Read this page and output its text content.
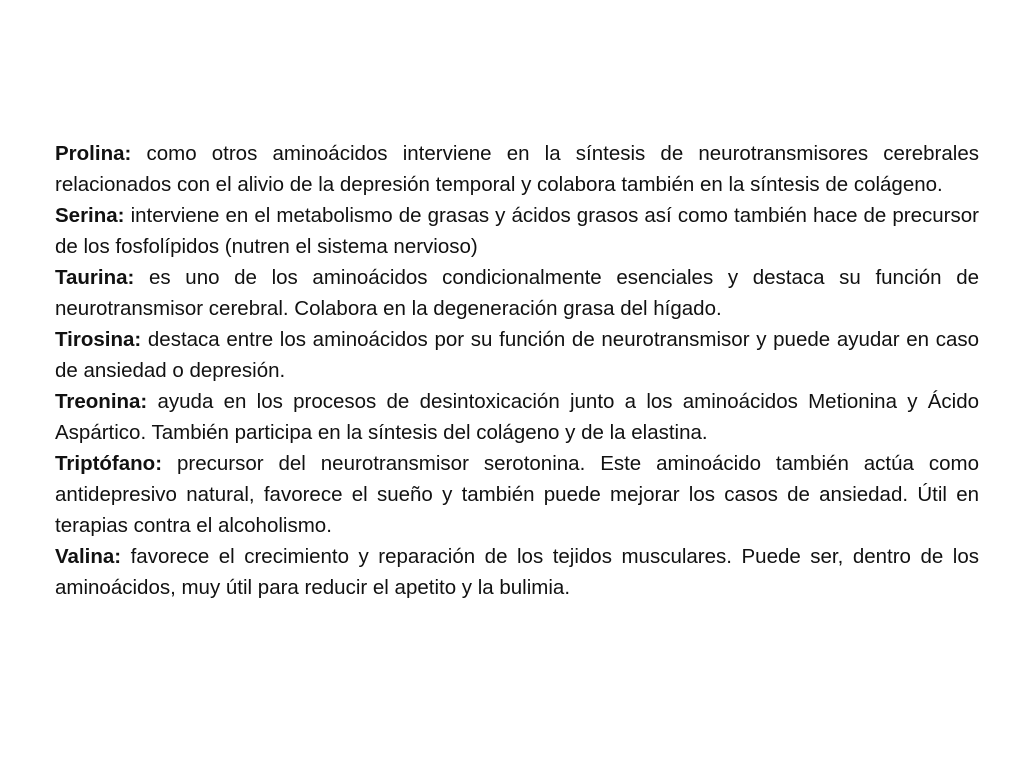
Prolina: como otros aminoácidos interviene en la síntesis de neurotransmisores cerebrales relacionados con el alivio de la depresión temporal y colabora también en la síntesis de colágeno.

Serina: interviene en el metabolismo de grasas y ácidos grasos así como también hace de precursor de los fosfolípidos (nutren el sistema nervioso)

Taurina: es uno de los aminoácidos condicionalmente esenciales y destaca su función de neurotransmisor cerebral. Colabora en la degeneración grasa del hígado.

Tirosina: destaca entre los aminoácidos por su función de neurotransmisor y puede ayudar en caso de ansiedad o depresión.

Treonina: ayuda en los procesos de desintoxicación junto a los aminoácidos Metionina y Ácido Aspártico. También participa en la síntesis del colágeno y de la elastina.

Triptófano: precursor del neurotransmisor serotonina. Este aminoácido también actúa como antidepresivo natural, favorece el sueño y también puede mejorar los casos de ansiedad. Útil en terapias contra el alcoholismo.

Valina: favorece el crecimiento y reparación de los tejidos musculares. Puede ser, dentro de los aminoácidos, muy útil para reducir el apetito y la bulimia.
